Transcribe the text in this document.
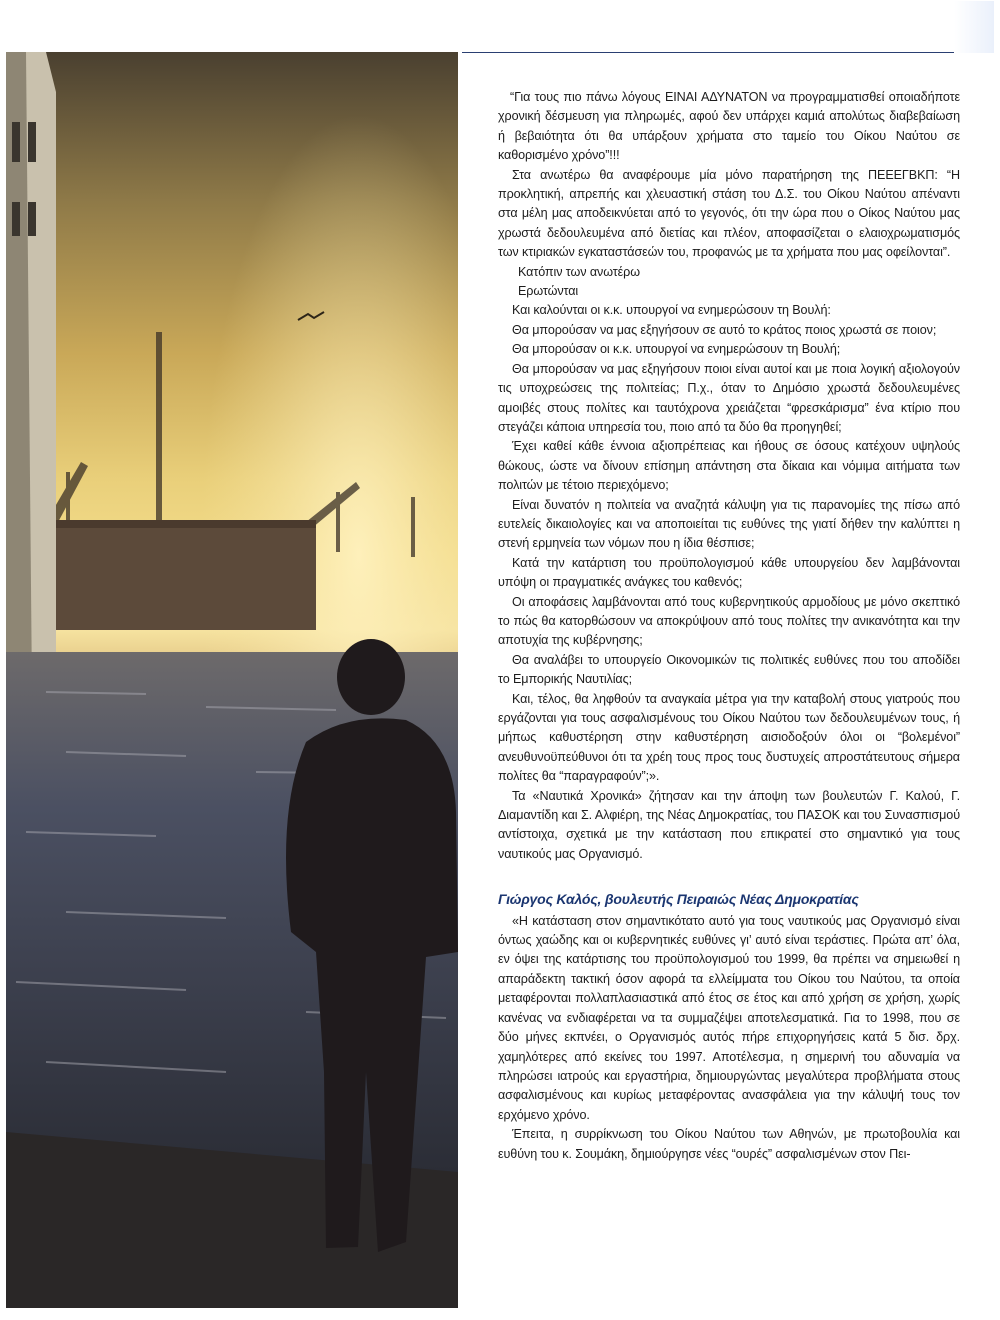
“Για τους πιο πάνω λόγους ΕΙΝΑΙ ΑΔΥΝΑΤΟΝ να προγραμματισθεί οποιαδήποτε χρονική δέσμευση για πληρωμές, αφού δεν υπάρχει καμιά απολύτως διαβεβαίωση ή βεβαιότητα ότι θα υπάρξουν χρήματα στο ταμείο του Οίκου Ναύτου σε καθορισμένο χρόνο”!!!

Στα ανωτέρω θα αναφέρουμε μία μόνο παρατήρηση της ΠΕΕΕΓΒΚΠ: “Η προκλητική, απρεπής και χλευαστική στάση του Δ.Σ. του Οίκου Ναύτου απέναντι στα μέλη μας αποδεικνύεται από το γεγονός, ότι την ώρα που ο Οίκος Ναύτου μας χρωστά δεδουλευμένα από διετίας και πλέον, αποφασίζεται ο ελαιοχρωματισμός των κτιριακών εγκαταστάσεών του, προφανώς με τα χρήματα που μας οφείλονται”.

Κατόπιν των ανωτέρω

Ερωτώνται

Και καλούνται οι κ.κ. υπουργοί να ενημερώσουν τη Βουλή:

Θα μπορούσαν να μας εξηγήσουν σε αυτό το κράτος ποιος χρωστά σε ποιον;

Θα μπορούσαν οι κ.κ. υπουργοί να ενημερώσουν τη Βουλή;

Θα μπορούσαν να μας εξηγήσουν ποιοι είναι αυτοί και με ποια λογική αξιολογούν τις υποχρεώσεις της πολιτείας; Π.χ., όταν το Δημόσιο χρωστά δεδουλευμένες αμοιβές στους πολίτες και ταυτόχρονα χρειάζεται “φρεσκάρισμα” ένα κτίριο που στεγάζει κάποια υπηρεσία του, ποιο από τα δύο θα προηγηθεί;

Έχει καθεί κάθε έννοια αξιοπρέπειας και ήθους σε όσους κατέχουν υψηλούς θώκους, ώστε να δίνουν επίσημη απάντηση στα δίκαια και νόμιμα αιτήματα των πολιτών με τέτοιο περιεχόμενο;

Είναι δυνατόν η πολιτεία να αναζητά κάλυψη για τις παρανομίες της πίσω από ευτελείς δικαιολογίες και να αποποιείται τις ευθύνες της γιατί δήθεν την καλύπτει η στενή ερμηνεία των νόμων που η ίδια θέσπισε;

Κατά την κατάρτιση του προϋπολογισμού κάθε υπουργείου δεν λαμβάνονται υπόψη οι πραγματικές ανάγκες του καθενός;

Οι αποφάσεις λαμβάνονται από τους κυβερνητικούς αρμοδίους με μόνο σκεπτικό το πώς θα κατορθώσουν να αποκρύψουν από τους πολίτες την ανικανότητα και την αποτυχία της κυβέρνησης;

Θα αναλάβει το υπουργείο Οικονομικών τις πολιτικές ευθύνες που του αποδίδει το Εμπορικής Ναυτιλίας;

Και, τέλος, θα ληφθούν τα αναγκαία μέτρα για την καταβολή στους γιατρούς που εργάζονται για τους ασφαλισμένους του Οίκου Ναύτου των δεδουλευμένων τους, ή μήπως καθυστέρηση στην καθυστέρηση αισιοδοξούν όλοι οι “βολεμένοι” ανευθυνοϋπεύθυνοι ότι τα χρέη τους προς τους δυστυχείς απροστάτευτους σήμερα πολίτες θα “παραγραφούν”;».

Τα «Ναυτικά Χρονικά» ζήτησαν και την άποψη των βουλευτών Γ. Καλού, Γ. Διαμαντίδη και Σ. Αλφιέρη, της Νέας Δημοκρατίας, του ΠΑΣΟΚ και του Συνασπισμού αντίστοιχα, σχετικά με την κατάσταση που επικρατεί στο σημαντικό για τους ναυτικούς μας Οργανισμό.

Γιώργος Καλός, βουλευτής Πειραιώς Νέας Δημοκρατίας

«Η κατάσταση στον σημαντικότατο αυτό για τους ναυτικούς μας Οργανισμό είναι όντως χαώδης και οι κυβερνητικές ευθύνες γι’ αυτό είναι τεράστιες. Πρώτα απ’ όλα, εν όψει της κατάρτισης του προϋπολογισμού του 1999, θα πρέπει να σημειωθεί η απαράδεκτη τακτική όσον αφορά τα ελλείμματα του Οίκου του Ναύτου, τα οποία μεταφέρονται πολλαπλασιαστικά από έτος σε έτος και από χρήση σε χρήση, χωρίς κανένας να ενδιαφέρεται να τα συμμαζέψει αποτελεσματικά. Για το 1998, που σε δύο μήνες εκπνέει, ο Οργανισμός αυτός πήρε επιχορηγήσεις κατά 5 δισ. δρχ. χαμηλότερες από εκείνες του 1997. Αποτέλεσμα, η σημερινή του αδυναμία να πληρώσει ιατρούς και εργαστήρια, δημιουργώντας μεγαλύτερα προβλήματα στους ασφαλισμένους και κυρίως μεταφέροντας ανασφάλεια για την κάλυψή τους τον ερχόμενο χρόνο.

Έπειτα, η συρρίκνωση του Οίκου Ναύτου των Αθηνών, με πρωτοβουλία και ευθύνη του κ. Σουμάκη, δημιούργησε νέες “ουρές” ασφαλισμένων στον Πει-
